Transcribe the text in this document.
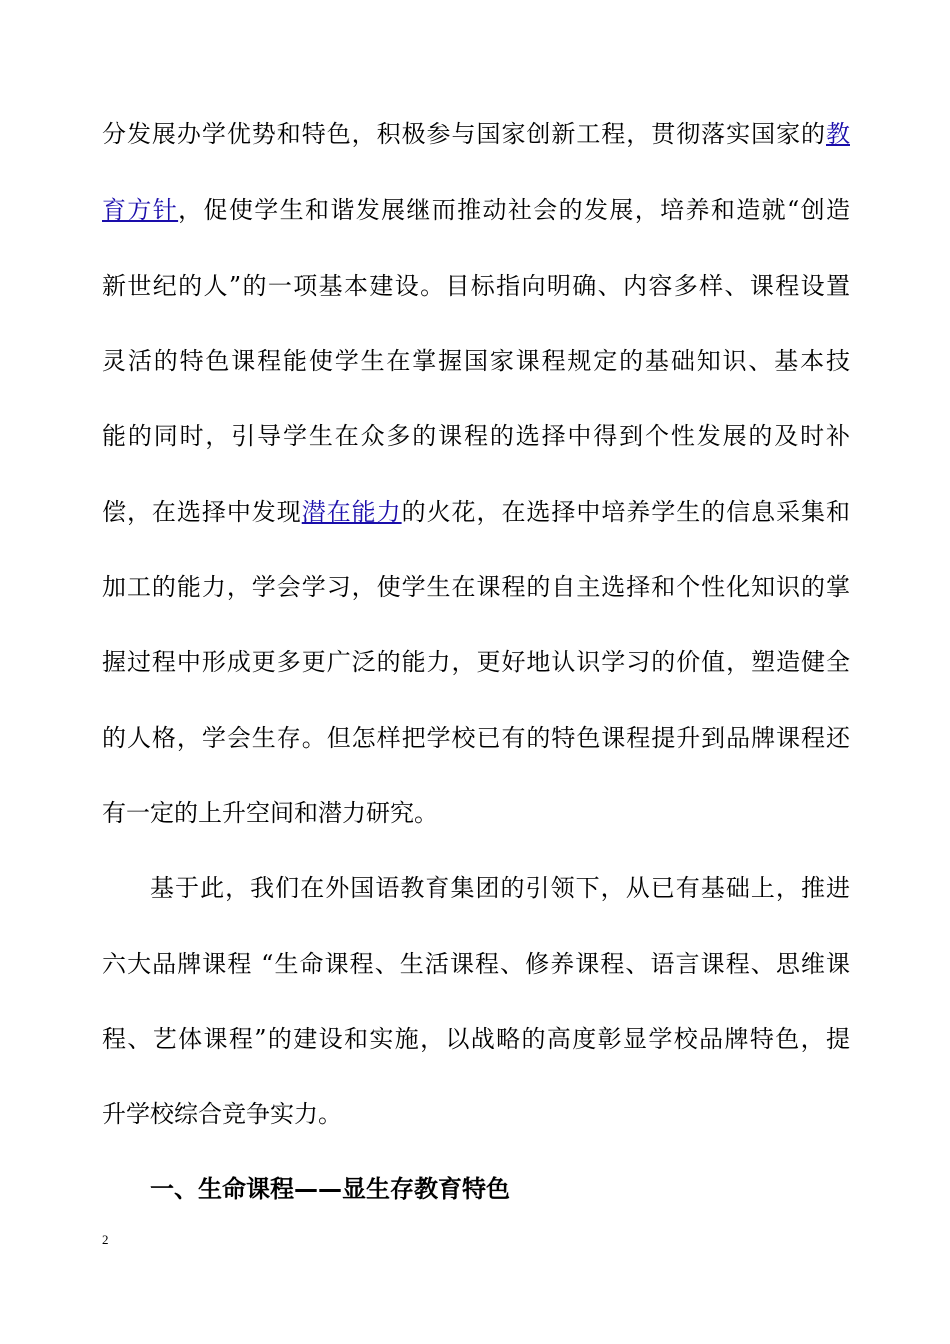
分发展办学优势和特色，积极参与国家创新工程，贯彻落实国家的教
育方针，促使学生和谐发展继而推动社会的发展，培养和造就“创造
新世纪的人”的一项基本建设。目标指向明确、内容多样、课程设置
灵活的特色课程能使学生在掌握国家课程规定的基础知识、基本技
能的同时，引导学生在众多的课程的选择中得到个性发展的及时补
偿，在选择中发现潜在能力的火花，在选择中培养学生的信息采集和
加工的能力，学会学习，使学生在课程的自主选择和个性化知识的掌
握过程中形成更多更广泛的能力，更好地认识学习的价值，塑造健全
的人格，学会生存。但怎样把学校已有的特色课程提升到品牌课程还
有一定的上升空间和潜力研究。
基于此，我们在外国语教育集团的引领下，从已有基础上，推进
六大品牌课程 “生命课程、生活课程、修养课程、语言课程、思维课
程、艺体课程”的建设和实施，以战略的高度彰显学校品牌特色，提
升学校综合竞争实力。
一、生命课程——显生存教育特色
2
